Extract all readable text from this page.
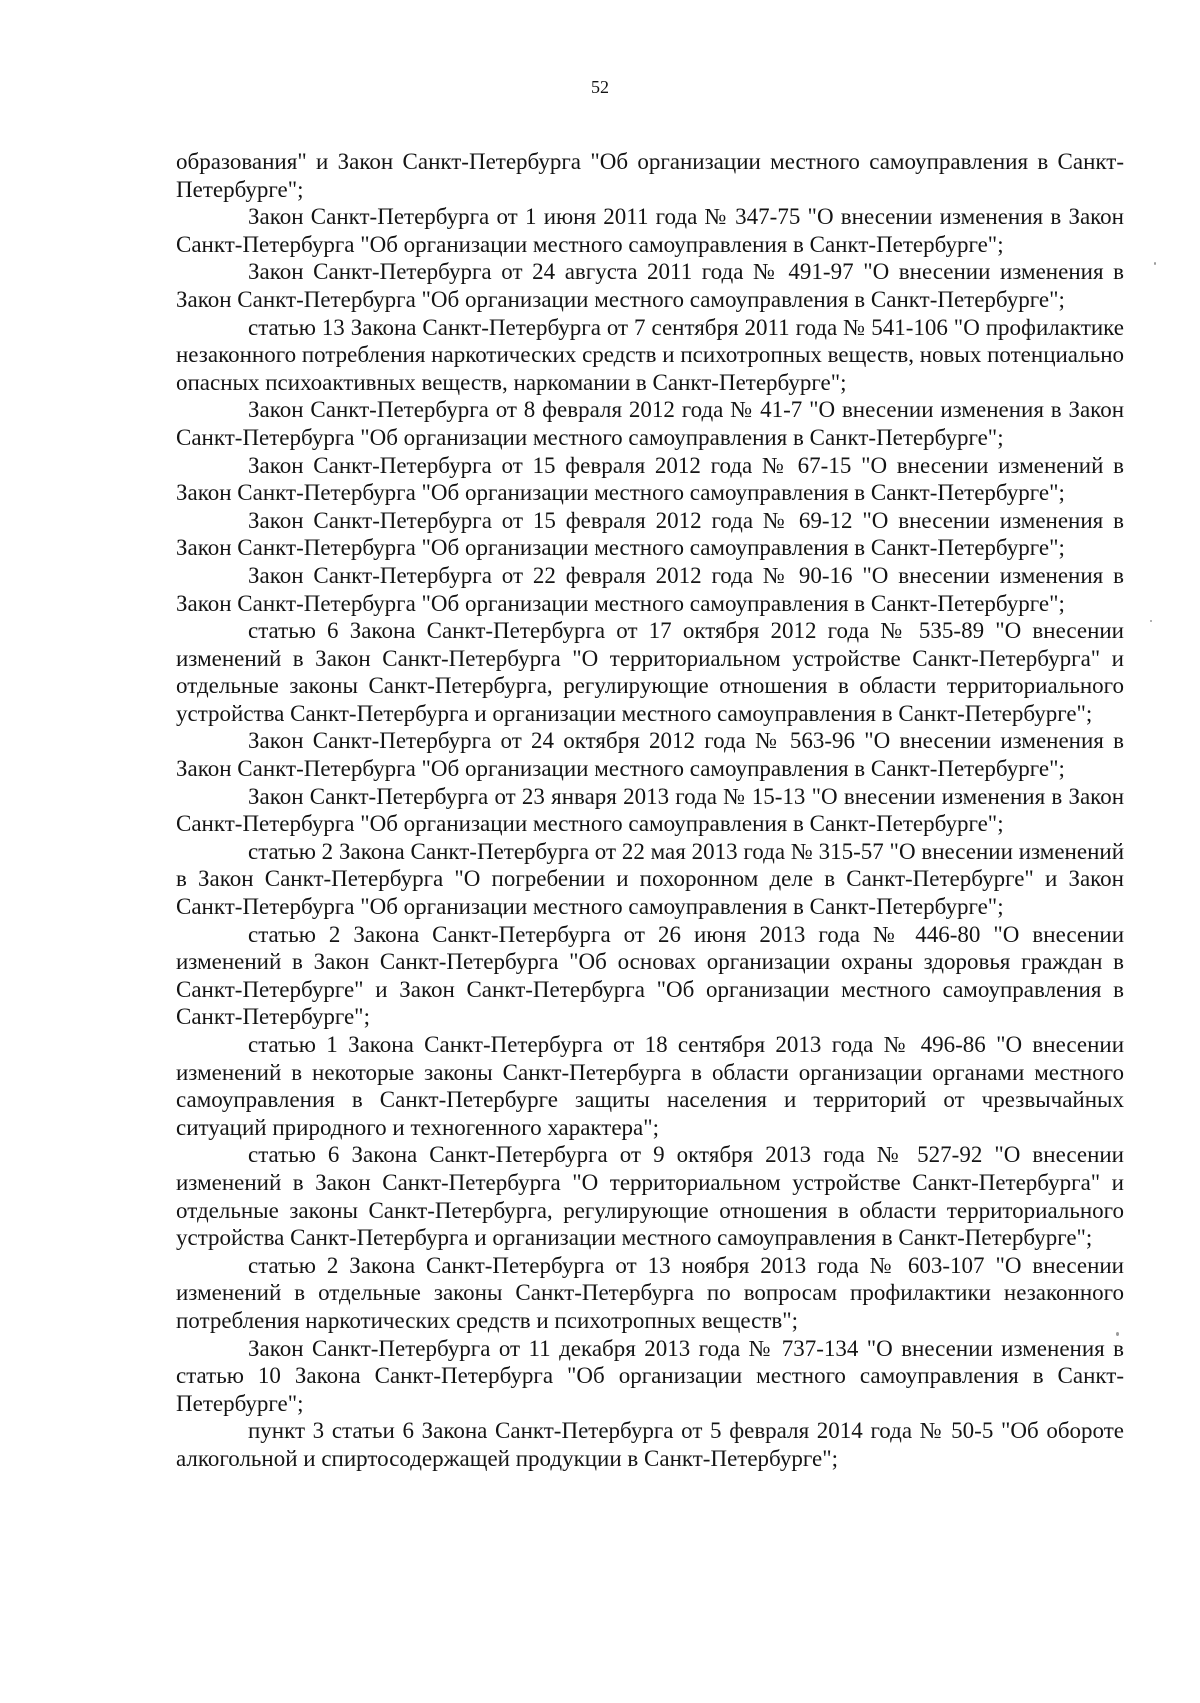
52

образования" и Закон Санкт-Петербурга "Об организации местного самоуправления в Санкт-Петербурге";

Закон Санкт-Петербурга от 1 июня 2011 года № 347-75 "О внесении изменения в Закон Санкт-Петербурга "Об организации местного самоуправления в Санкт-Петербурге";

Закон Санкт-Петербурга от 24 августа 2011 года № 491-97 "О внесении изменения в Закон Санкт-Петербурга "Об организации местного самоуправления в Санкт-Петербурге";

статью 13 Закона Санкт-Петербурга от 7 сентября 2011 года № 541-106 "О профилактике незаконного потребления наркотических средств и психотропных веществ, новых потенциально опасных психоактивных веществ, наркомании в Санкт-Петербурге";

Закон Санкт-Петербурга от 8 февраля 2012 года № 41-7 "О внесении изменения в Закон Санкт-Петербурга "Об организации местного самоуправления в Санкт-Петербурге";

Закон Санкт-Петербурга от 15 февраля 2012 года № 67-15 "О внесении изменений в Закон Санкт-Петербурга "Об организации местного самоуправления в Санкт-Петербурге";

Закон Санкт-Петербурга от 15 февраля 2012 года № 69-12 "О внесении изменения в Закон Санкт-Петербурга "Об организации местного самоуправления в Санкт-Петербурге";

Закон Санкт-Петербурга от 22 февраля 2012 года № 90-16 "О внесении изменения в Закон Санкт-Петербурга "Об организации местного самоуправления в Санкт-Петербурге";

статью 6 Закона Санкт-Петербурга от 17 октября 2012 года № 535-89 "О внесении изменений в Закон Санкт-Петербурга "О территориальном устройстве Санкт-Петербурга" и отдельные законы Санкт-Петербурга, регулирующие отношения в области территориального устройства Санкт-Петербурга и организации местного самоуправления в Санкт-Петербурге";

Закон Санкт-Петербурга от 24 октября 2012 года № 563-96 "О внесении изменения в Закон Санкт-Петербурга "Об организации местного самоуправления в Санкт-Петербурге";

Закон Санкт-Петербурга от 23 января 2013 года № 15-13 "О внесении изменения в Закон Санкт-Петербурга "Об организации местного самоуправления в Санкт-Петербурге";

статью 2 Закона Санкт-Петербурга от 22 мая 2013 года № 315-57 "О внесении изменений в Закон Санкт-Петербурга "О погребении и похоронном деле в Санкт-Петербурге" и Закон Санкт-Петербурга "Об организации местного самоуправления в Санкт-Петербурге";

статью 2 Закона Санкт-Петербурга от 26 июня 2013 года № 446-80 "О внесении изменений в Закон Санкт-Петербурга "Об основах организации охраны здоровья граждан в Санкт-Петербурге" и Закон Санкт-Петербурга "Об организации местного самоуправления в Санкт-Петербурге";

статью 1 Закона Санкт-Петербурга от 18 сентября 2013 года № 496-86 "О внесении изменений в некоторые законы Санкт-Петербурга в области организации органами местного самоуправления в Санкт-Петербурге защиты населения и территорий от чрезвычайных ситуаций природного и техногенного характера";

статью 6 Закона Санкт-Петербурга от 9 октября 2013 года № 527-92 "О внесении изменений в Закон Санкт-Петербурга "О территориальном устройстве Санкт-Петербурга" и отдельные законы Санкт-Петербурга, регулирующие отношения в области территориального устройства Санкт-Петербурга и организации местного самоуправления в Санкт-Петербурге";

статью 2 Закона Санкт-Петербурга от 13 ноября 2013 года № 603-107 "О внесении изменений в отдельные законы Санкт-Петербурга по вопросам профилактики незаконного потребления наркотических средств и психотропных веществ";

Закон Санкт-Петербурга от 11 декабря 2013 года № 737-134 "О внесении изменения в статью 10 Закона Санкт-Петербурга "Об организации местного самоуправления в Санкт-Петербурге";

пункт 3 статьи 6 Закона Санкт-Петербурга от 5 февраля 2014 года № 50-5 "Об обороте алкогольной и спиртосодержащей продукции в Санкт-Петербурге";
